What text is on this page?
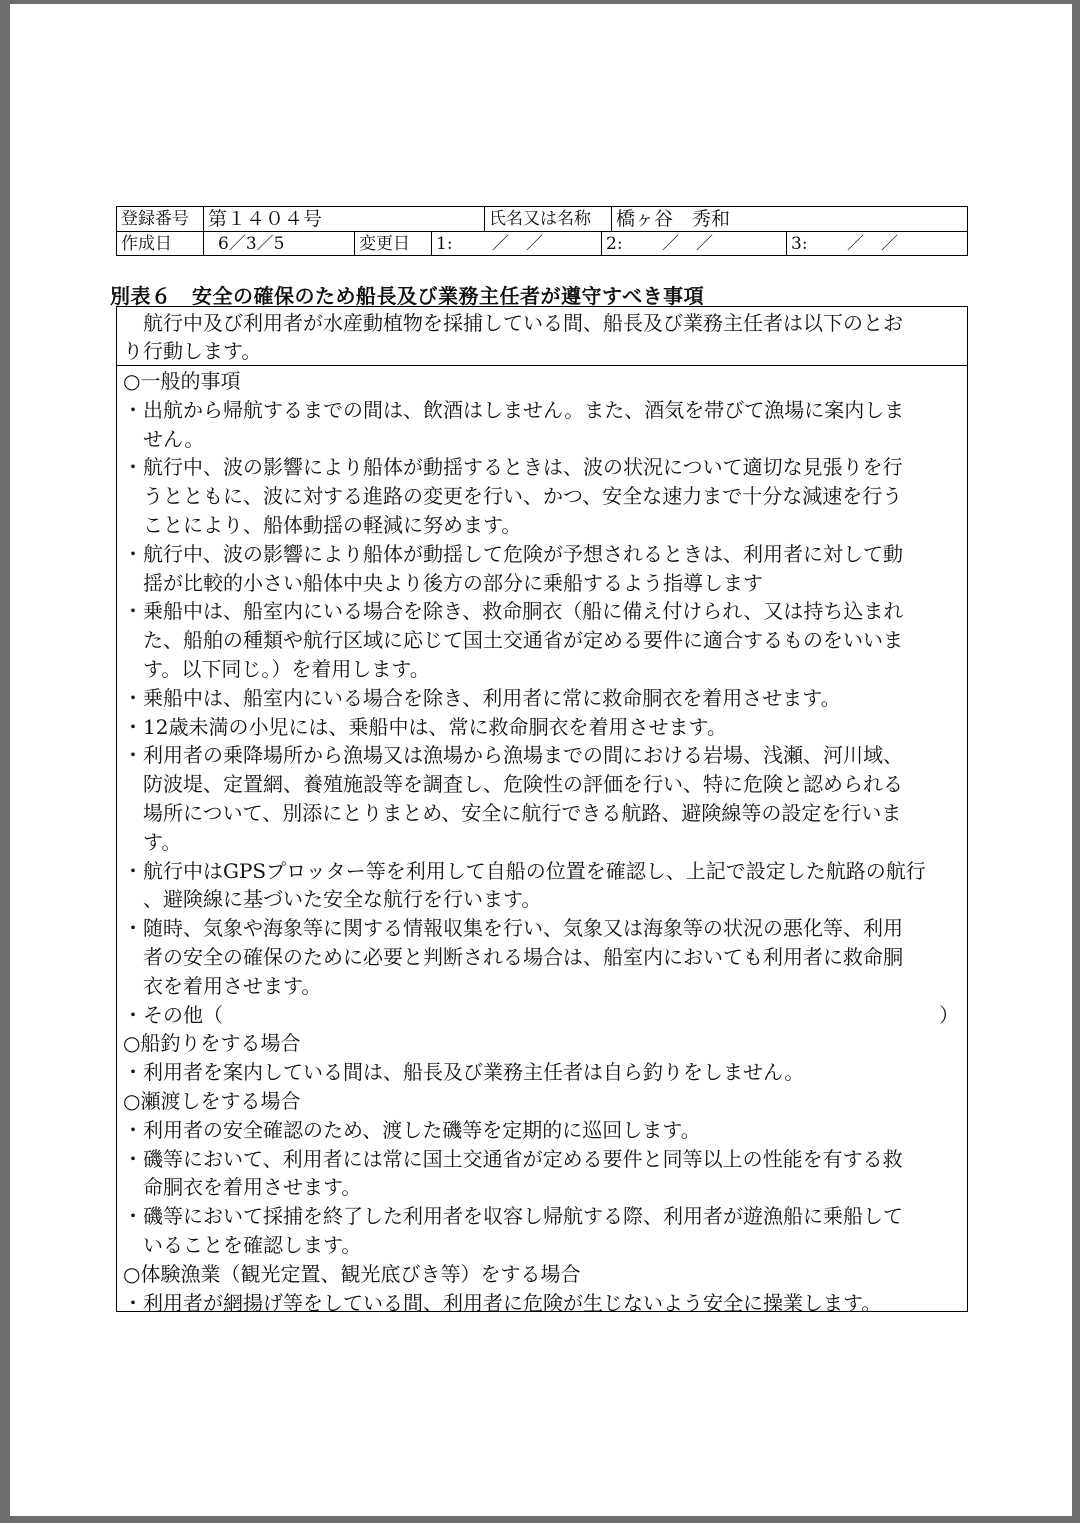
登録番号	第１４０４号	氏名又は名称	橋ヶ谷　秀和
作成日	6／3／5	変更日	1:　　 ／　／	2:　　 ／　／	3:　　 ／　／
別表６　安全の確保のため船長及び業務主任者が遵守すべき事項
　航行中及び利用者が水産動植物を採捕している間、船長及び業務主任者は以下のとお
り行動します。
○一般的事項
・出航から帰航するまでの間は、飲酒はしません。また、酒気を帯びて漁場に案内しま
せん。
・航行中、波の影響により船体が動揺するときは、波の状況について適切な見張りを行
うとともに、波に対する進路の変更を行い、かつ、安全な速力まで十分な減速を行う
ことにより、船体動揺の軽減に努めます。
・航行中、波の影響により船体が動揺して危険が予想されるときは、利用者に対して動
揺が比較的小さい船体中央より後方の部分に乗船するよう指導します
・乗船中は、船室内にいる場合を除き、救命胴衣（船に備え付けられ、又は持ち込まれ
た、船舶の種類や航行区域に応じて国土交通省が定める要件に適合するものをいいま
す。以下同じ。）を着用します。
・乗船中は、船室内にいる場合を除き、利用者に常に救命胴衣を着用させます。
・12歳未満の小児には、乗船中は、常に救命胴衣を着用させます。
・利用者の乗降場所から漁場又は漁場から漁場までの間における岩場、浅瀬、河川域、
防波堤、定置網、養殖施設等を調査し、危険性の評価を行い、特に危険と認められる
場所について、別添にとりまとめ、安全に航行できる航路、避険線等の設定を行いま
す。
・航行中はGPSプロッター等を利用して自船の位置を確認し、上記で設定した航路の航行
、避険線に基づいた安全な航行を行います。
・随時、気象や海象等に関する情報収集を行い、気象又は海象等の状況の悪化等、利用
者の安全の確保のために必要と判断される場合は、船室内においても利用者に救命胴
衣を着用させます。
・その他（	）
○船釣りをする場合
・利用者を案内している間は、船長及び業務主任者は自ら釣りをしません。
○瀬渡しをする場合
・利用者の安全確認のため、渡した磯等を定期的に巡回します。
・磯等において、利用者には常に国土交通省が定める要件と同等以上の性能を有する救
命胴衣を着用させます。
・磯等において採捕を終了した利用者を収容し帰航する際、利用者が遊漁船に乗船して
いることを確認します。
○体験漁業（観光定置、観光底びき等）をする場合
・利用者が網揚げ等をしている間、利用者に危険が生じないよう安全に操業します。
